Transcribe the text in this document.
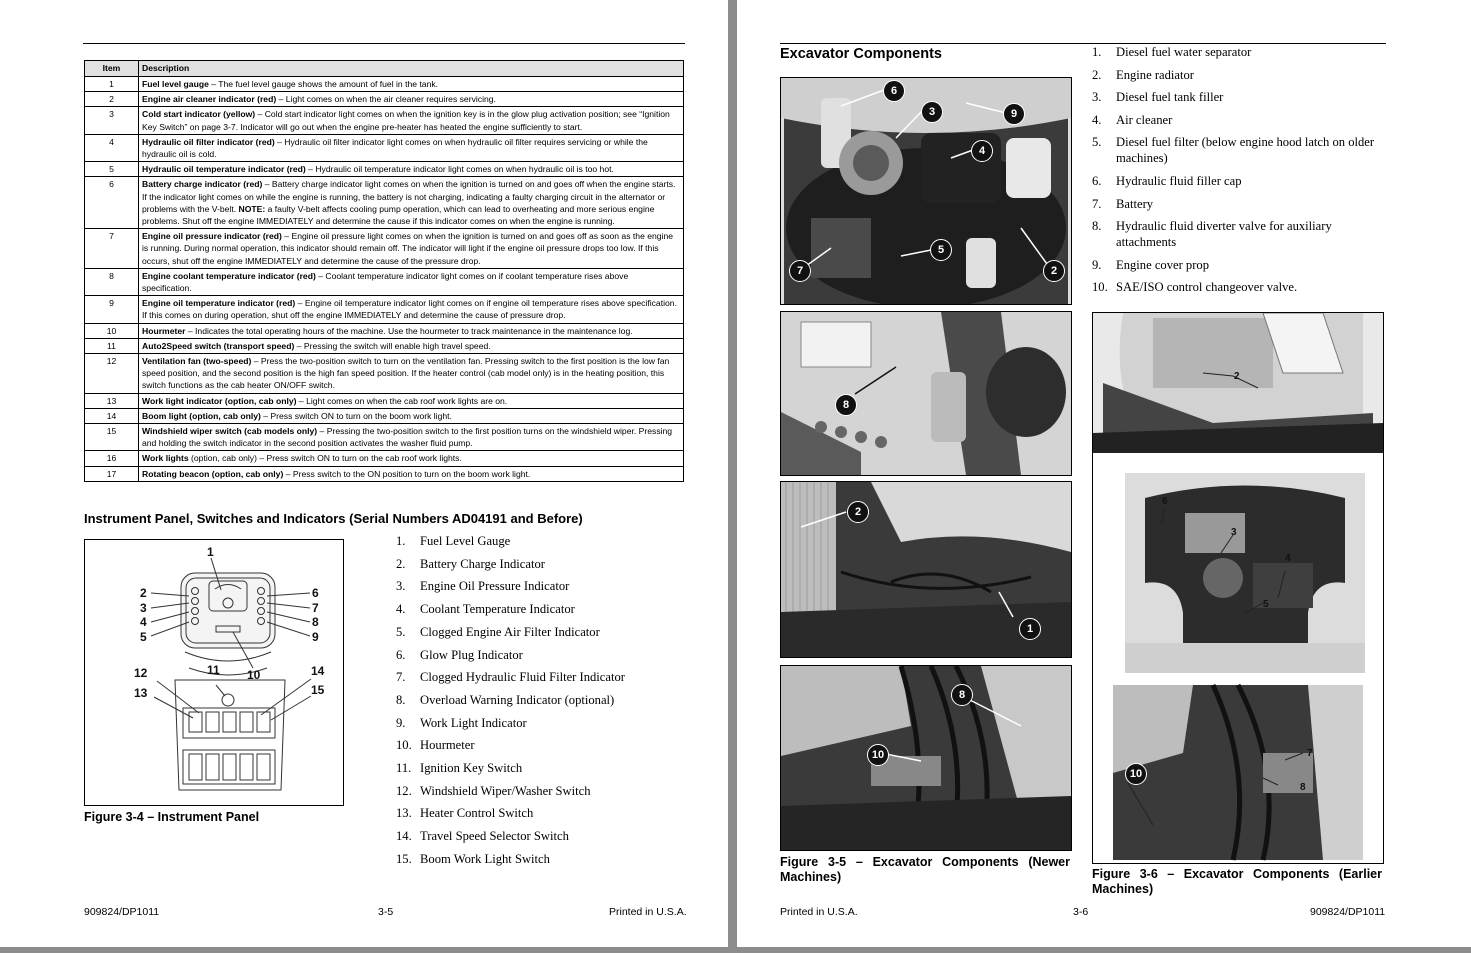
Item	Description
1	Fuel level gauge – The fuel level gauge shows the amount of fuel in the tank.
2	Engine air cleaner indicator (red) – Light comes on when the air cleaner requires servicing.
3	Cold start indicator (yellow) – Cold start indicator light comes on when the ignition key is in the glow plug activation position; see “Ignition Key Switch” on page 3-7. Indicator will go out when the engine pre-heater has heated the engine sufficiently to start.
4	Hydraulic oil filter indicator (red) – Hydraulic oil filter indicator light comes on when hydraulic oil filter requires servicing or while the hydraulic oil is cold.
5	Hydraulic oil temperature indicator (red) – Hydraulic oil temperature indicator light comes on when hydraulic oil is too hot.
6	Battery charge indicator (red) – Battery charge indicator light comes on when the ignition is turned on and goes off when the engine starts. If the indicator light comes on while the engine is running, the battery is not charging, indicating a faulty charging circuit in the alternator or problems with the V-belt. NOTE: a faulty V-belt affects cooling pump operation, which can lead to overheating and more serious engine problems. Shut off the engine IMMEDIATELY and determine the cause if this indicator comes on when the engine is running.
7	Engine oil pressure indicator (red) – Engine oil pressure light comes on when the ignition is turned on and goes off as soon as the engine is running. During normal operation, this indicator should remain off. The indicator will light if the engine oil pressure drops too low. If this occurs, shut off the engine IMMEDIATELY and determine the cause of the pressure drop.
8	Engine coolant temperature indicator (red) – Coolant temperature indicator light comes on if coolant temperature rises above specification.
9	Engine oil temperature indicator (red) – Engine oil temperature indicator light comes on if engine oil temperature rises above specification. If this comes on during operation, shut off the engine IMMEDIATELY and determine the cause of pressure drop.
10	Hourmeter – Indicates the total operating hours of the machine. Use the hourmeter to track maintenance in the maintenance log.
11	Auto2Speed switch (transport speed) – Pressing the switch will enable high travel speed.
12	Ventilation fan (two-speed) – Press the two-position switch to turn on the ventilation fan. Pressing switch to the first position is the low fan speed position, and the second position is the high fan speed position. If the heater control (cab model only) is in the heating position, this switch functions as the cab heater ON/OFF switch.
13	Work light indicator (option, cab only) – Light comes on when the cab roof work lights are on.
14	Boom light (option, cab only) – Press switch ON to turn on the boom work light.
15	Windshield wiper switch (cab models only) – Pressing the two-position switch to the first position turns on the windshield wiper. Pressing and holding the switch indicator in the second position activates the washer fluid pump.
16	Work lights (option, cab only) – Press switch ON to turn on the cab roof work lights.
17	Rotating beacon (option, cab only) – Press switch to the ON position to turn on the boom work light.
Instrument Panel, Switches and Indicators (Serial Numbers AD04191 and Before)
1
2
3
4
5
6
7
8
9
10
11
12
13
14
15
Figure 3-4 – Instrument Panel
1.	Fuel Level Gauge
2.	Battery Charge Indicator
3.	Engine Oil Pressure Indicator
4.	Coolant Temperature Indicator
5.	Clogged Engine Air Filter Indicator
6.	Glow Plug Indicator
7.	Clogged Hydraulic Fluid Filter Indicator
8.	Overload Warning Indicator (optional)
9.	Work Light Indicator
10. Hourmeter
11. Ignition Key Switch
12. Windshield Wiper/Washer Switch
13. Heater Control Switch
14. Travel Speed Selector Switch
15. Boom Work Light Switch
909824/DP1011	3-5	Printed in U.S.A.
Excavator Components	1.	Diesel fuel water separator
2.	Engine radiator
3.	Diesel fuel tank filler
4.	Air cleaner
5.	Diesel fuel filter (below engine hood latch on older machines)
6.	Hydraulic fluid filler cap
7.	Battery
8.	Hydraulic fluid diverter valve for auxiliary attachments
9.	Engine cover prop
10. SAE/ISO control changeover valve.
6
3	9
4
5
7	2
8
2
1
8
10
Figure 3-5 – Excavator Components (Newer Machines)
2
6
3
4
5
7
8
10
Figure 3-6 – Excavator Components (Earlier Machines)
Printed in U.S.A.	3-6	909824/DP1011
